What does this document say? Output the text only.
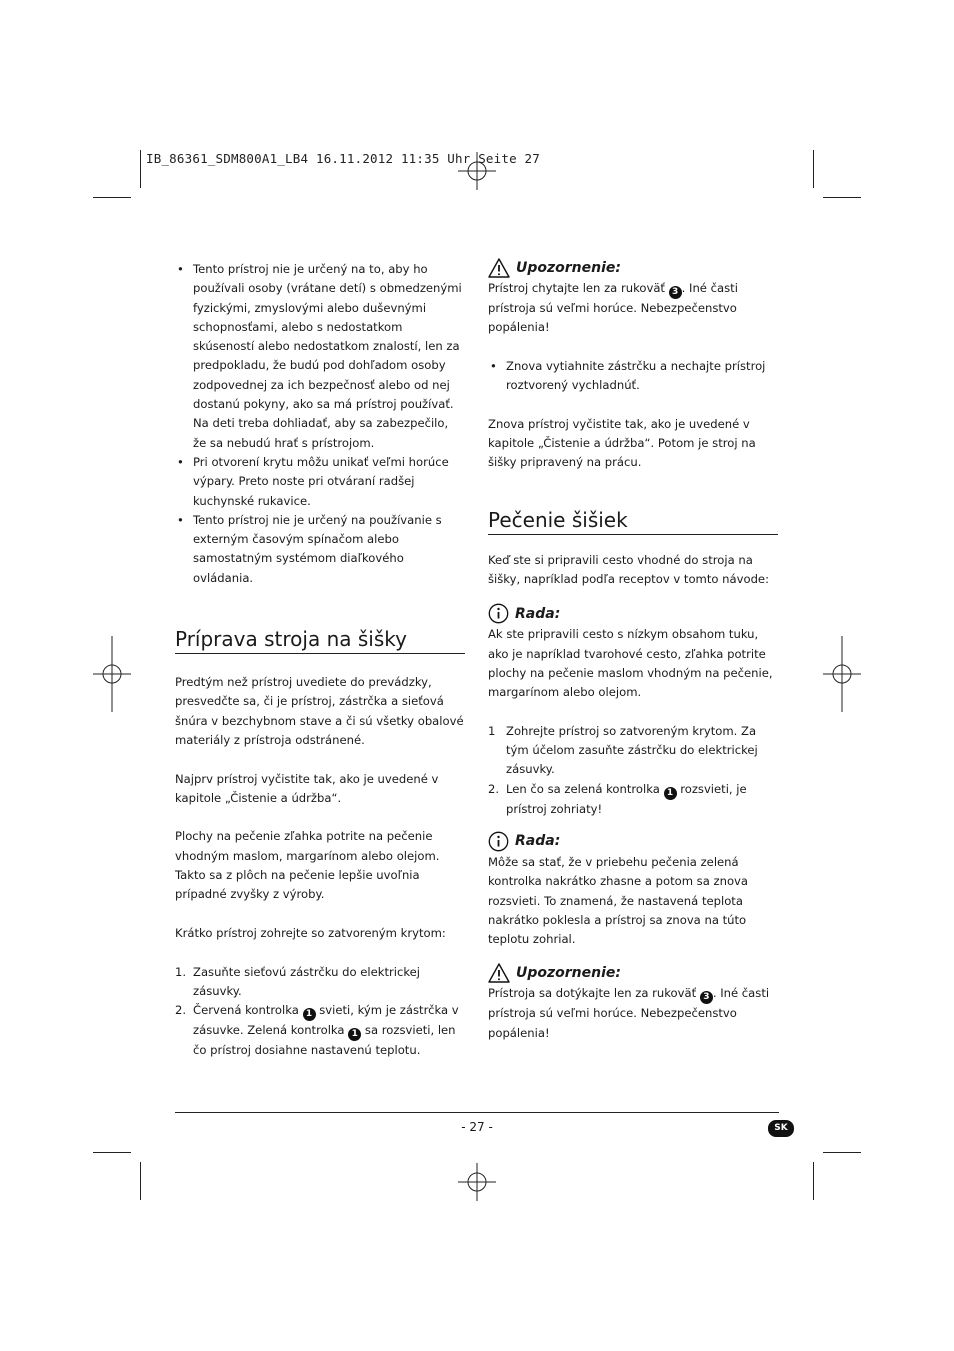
IB_86361_SDM800A1_LB4 16.11.2012 11:35 Uhr Seite 27
• Tento prístroj nie je určený na to, aby ho používali osoby (vrátane detí) s obmedzenými fyzickými, zmyslovými alebo duševnými schopnosťami, alebo s nedostatkom skúseností alebo nedostatkom znalostí, len za predpokladu, že budú pod dohľadom osoby zodpovednej za ich bezpečnosť alebo od nej dostanú pokyny, ako sa má prístroj používať. Na deti treba dohliadať, aby sa zabezpečilo, že sa nebudú hrať s prístrojom.
• Pri otvorení krytu môžu unikať veľmi horúce výpary. Preto noste pri otváraní radšej kuchynské rukavice.
• Tento prístroj nie je určený na používanie s externým časovým spínačom alebo samostatným systémom diaľkového ovládania.
Príprava stroja na šišky

Predtým než prístroj uvediete do prevádzky, presvedčte sa, či je prístroj, zástrčka a sieťová šnúra v bezchybnom stave a či sú všetky obalové materiály z prístroja odstránené.

Najprv prístroj vyčistite tak, ako je uvedené v kapitole „Čistenie a údržba“.

Plochy na pečenie zľahka potrite na pečenie vhodným maslom, margarínom alebo olejom. Takto sa z plôch na pečenie lepšie uvoľnia prípadné zvyšky z výroby.

Krátko prístroj zohrejte so zatvoreným krytom:

1. Zasuňte sieťovú zástrčku do elektrickej zásuvky.
2. Červená kontrolka 1 svieti, kým je zástrčka v zásuvke. Zelená kontrolka 1 sa rozsvieti, len čo prístroj dosiahne nastavenú teplotu.
Upozornenie:

Prístroj chytajte len za rukoväť 3 . Iné časti prístroja sú veľmi horúce. Nebezpečenstvo popálenia!

• Znova vytiahnite zástrčku a nechajte prístroj roztvorený vychladnúť.

Znova prístroj vyčistite tak, ako je uvedené v kapitole „Čistenie a údržba“. Potom je stroj na šišky pripravený na prácu.

Pečenie šišiek

Keď ste si pripravili cesto vhodné do stroja na šišky, napríklad podľa receptov v tomto návode:

Rada:

Ak ste pripravili cesto s nízkym obsahom tuku, ako je napríklad tvarohové cesto, zľahka potrite plochy na pečenie maslom vhodným na pečenie, margarínom alebo olejom.

1 Zohrejte prístroj so zatvoreným krytom. Za tým účelom zasuňte zástrčku do elektrickej zásuvky.
2. Len čo sa zelená kontrolka 1 rozsvieti, je prístroj zohriaty!
Rada:

Môže sa stať, že v priebehu pečenia zelená kontrolka nakrátko zhasne a potom sa znova rozsvieti. To znamená, že nastavená teplota nakrátko poklesla a prístroj sa znova na túto teplotu zohrial.

Upozornenie:

Prístroja sa dotýkajte len za rukoväť 3 . Iné časti prístroja sú veľmi horúce. Nebezpečenstvo popálenia!

- 27 -	SK
